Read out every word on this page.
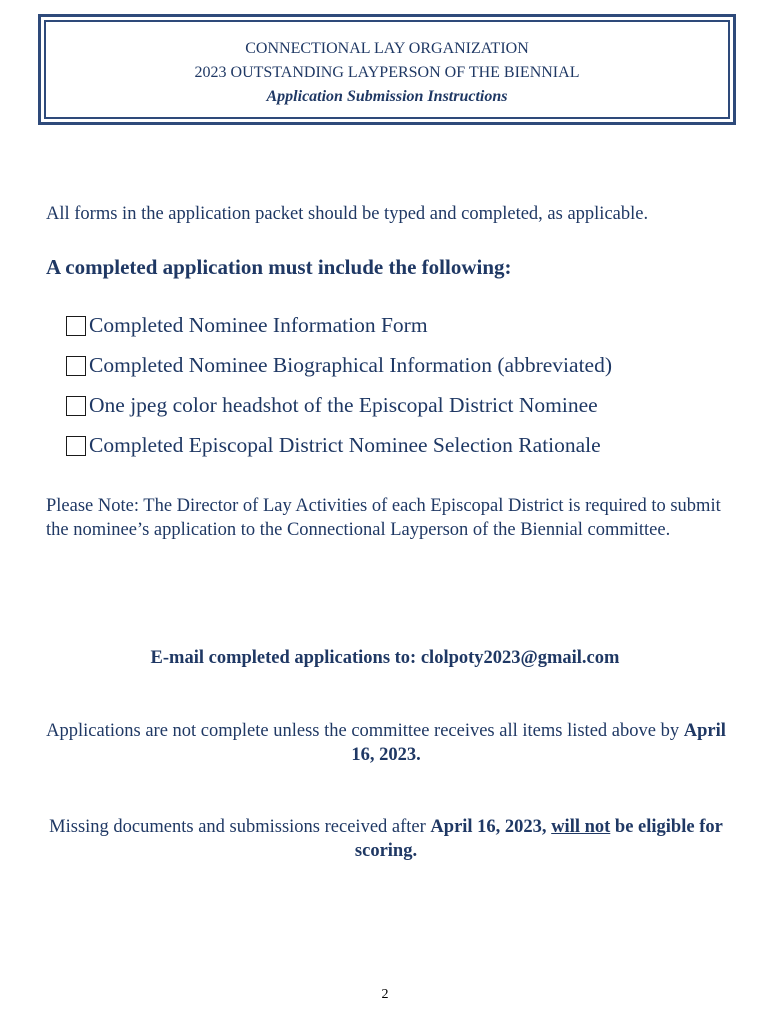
CONNECTIONAL LAY ORGANIZATION
2023 OUTSTANDING LAYPERSON OF THE BIENNIAL
Application Submission Instructions
All forms in the application packet should be typed and completed, as applicable.
A completed application must include the following:
Completed Nominee Information Form
Completed Nominee Biographical Information (abbreviated)
One jpeg color headshot of the Episcopal District Nominee
Completed Episcopal District Nominee Selection Rationale
Please Note: The Director of Lay Activities of each Episcopal District is required to submit the nominee’s application to the Connectional Layperson of the Biennial committee.
E-mail completed applications to: clolpoty2023@gmail.com
Applications are not complete unless the committee receives all items listed above by April 16, 2023.
Missing documents and submissions received after April 16, 2023, will not be eligible for scoring.
2
